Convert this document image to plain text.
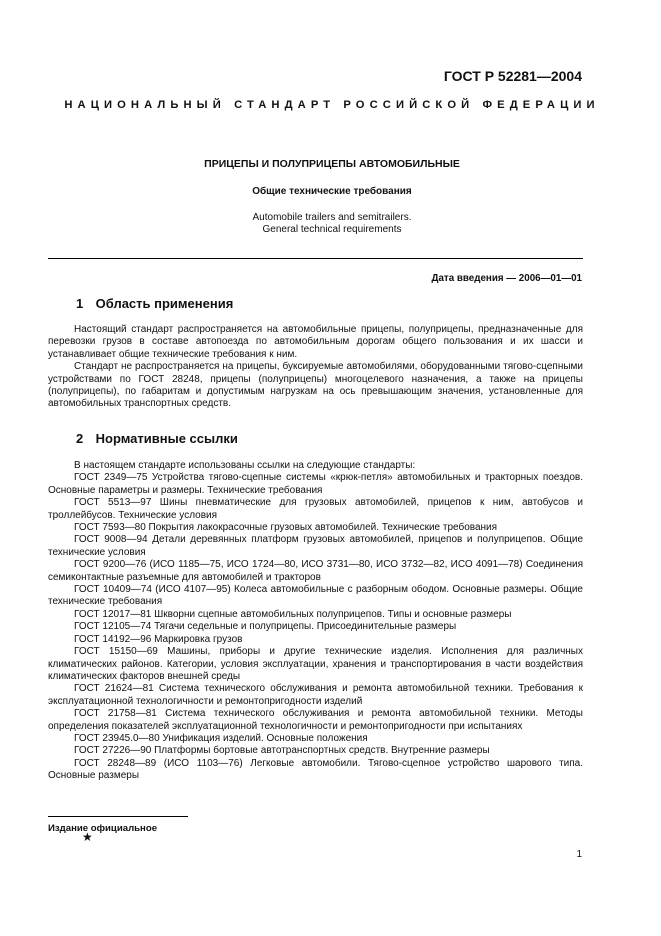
ГОСТ Р 52281—2004
НАЦИОНАЛЬНЫЙ СТАНДАРТ РОССИЙСКОЙ ФЕДЕРАЦИИ
ПРИЦЕПЫ И ПОЛУПРИЦЕПЫ АВТОМОБИЛЬНЫЕ
Общие технические требования
Automobile trailers and semitrailers.
General technical requirements
Дата введения — 2006—01—01
1 Область применения

Настоящий стандарт распространяется на автомобильные прицепы, полуприцепы, предназначенные для перевозки грузов в составе автопоезда по автомобильным дорогам общего пользования и их шасси и устанавливает общие технические требования к ним.

Стандарт не распространяется на прицепы, буксируемые автомобилями, оборудованными тягово-сцепными устройствами по ГОСТ 28248, прицепы (полуприцепы) многоцелевого назначения, а также на прицепы (полуприцепы), по габаритам и допустимым нагрузкам на ось превышающим значения, установленные для автомобильных транспортных средств.

2 Нормативные ссылки

В настоящем стандарте использованы ссылки на следующие стандарты:

ГОСТ 2349—75 Устройства тягово-сцепные системы «крюк-петля» автомобильных и тракторных поездов. Основные параметры и размеры. Технические требования

ГОСТ 5513—97 Шины пневматические для грузовых автомобилей, прицепов к ним, автобусов и троллейбусов. Технические условия

ГОСТ 7593—80 Покрытия лакокрасочные грузовых автомобилей. Технические требования

ГОСТ 9008—94 Детали деревянных платформ грузовых автомобилей, прицепов и полуприцепов. Общие технические условия

ГОСТ 9200—76 (ИСО 1185—75, ИСО 1724—80, ИСО 3731—80, ИСО 3732—82, ИСО 4091—78) Соединения семиконтактные разъемные для автомобилей и тракторов

ГОСТ 10409—74 (ИСО 4107—95) Колеса автомобильные с разборным ободом. Основные размеры. Общие технические требования

ГОСТ 12017—81 Шкворни сцепные автомобильных полуприцепов. Типы и основные размеры

ГОСТ 12105—74 Тягачи седельные и полуприцепы. Присоединительные размеры

ГОСТ 14192—96 Маркировка грузов

ГОСТ 15150—69 Машины, приборы и другие технические изделия. Исполнения для различных климатических районов. Категории, условия эксплуатации, хранения и транспортирования в части воздействия климатических факторов внешней среды

ГОСТ 21624—81 Система технического обслуживания и ремонта автомобильной техники. Требования к эксплуатационной технологичности и ремонтопригодности изделий

ГОСТ 21758—81 Система технического обслуживания и ремонта автомобильной техники. Методы определения показателей эксплуатационной технологичности и ремонтопригодности при испытаниях

ГОСТ 23945.0—80 Унификация изделий. Основные положения

ГОСТ 27226—90 Платформы бортовые автотранспортных средств. Внутренние размеры

ГОСТ 28248—89 (ИСО 1103—76) Легковые автомобили. Тягово-сцепное устройство шарового типа. Основные размеры

Издание официальное
★
1
